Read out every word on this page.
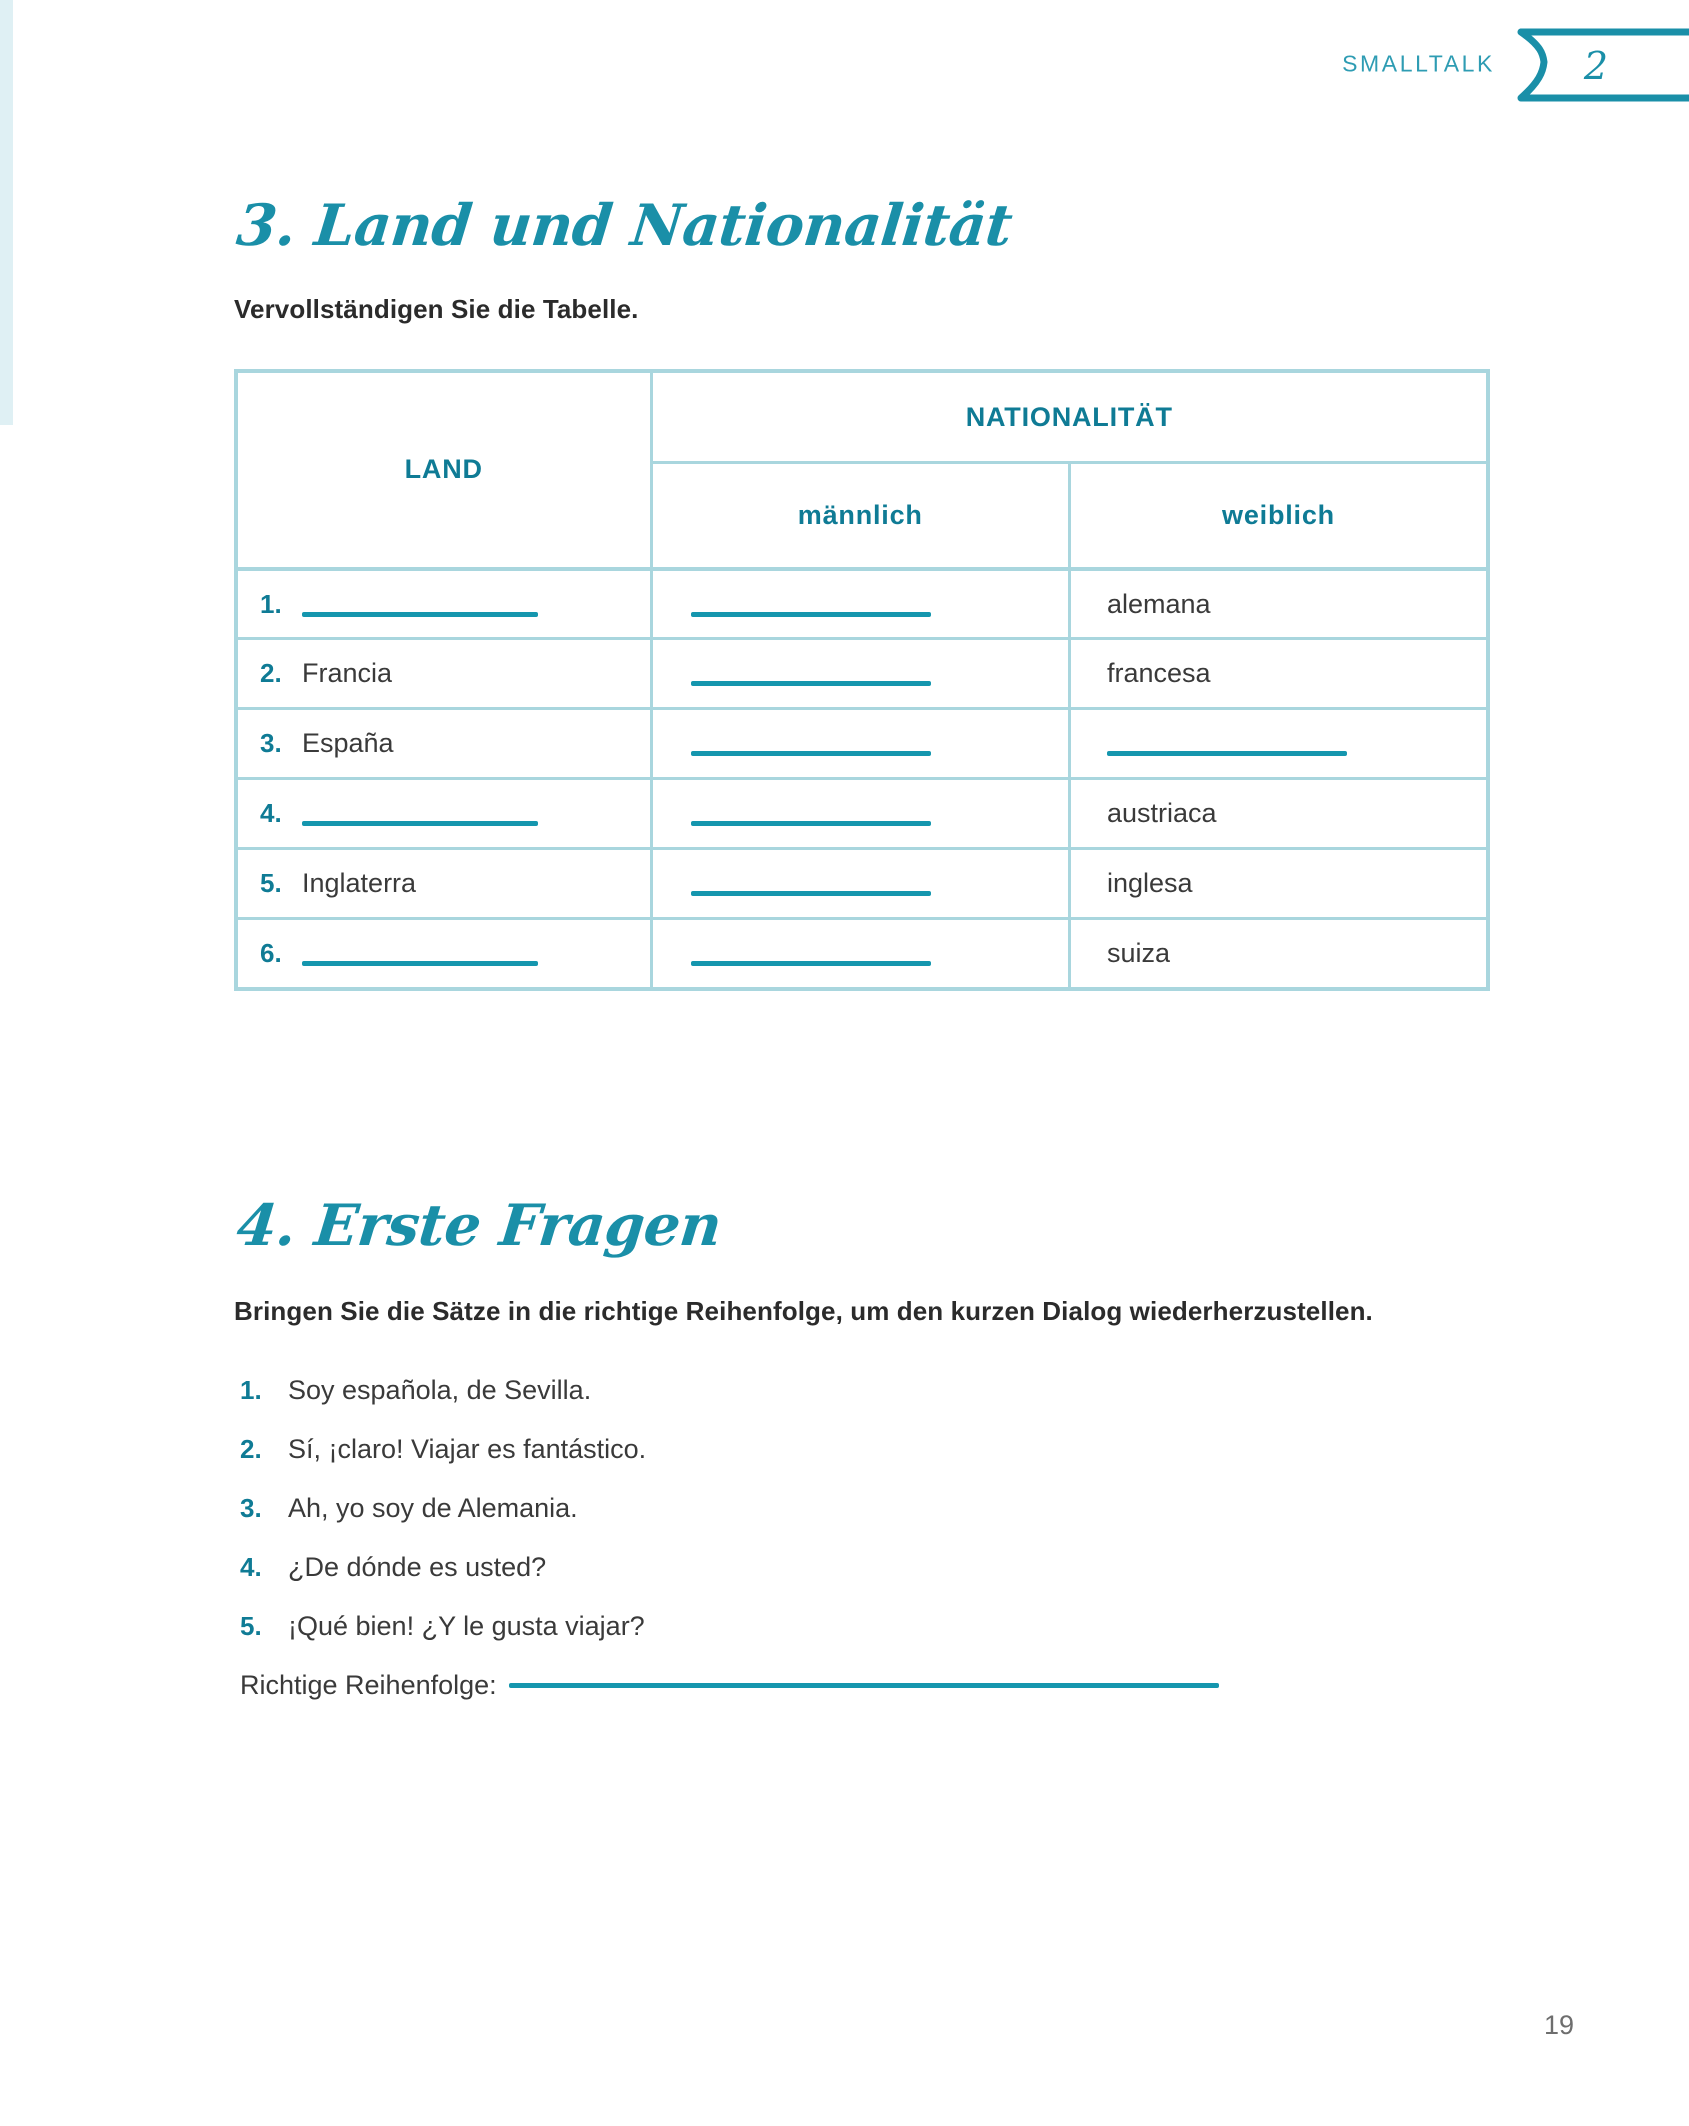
SMALLTALK 2
3. Land und Nationalität

Vervollständigen Sie die Tabelle.

LAND	NATIONALITÄT	
	männlich	weiblich

1.		alemana

2. Francia		francesa

3. España		

4.		austriaca

5. Inglaterra		inglesa

6.		suiza
4. Erste Fragen

Bringen Sie die Sätze in die richtige Reihenfolge, um den kurzen Dialog wiederherzustellen.

1. Soy española, de Sevilla.
2. Sí, ¡claro! Viajar es fantástico.
3. Ah, yo soy de Alemania.
4. ¿De dónde es usted?
5. ¡Qué bien! ¿Y le gusta viajar?
Richtige Reihenfolge:
19
